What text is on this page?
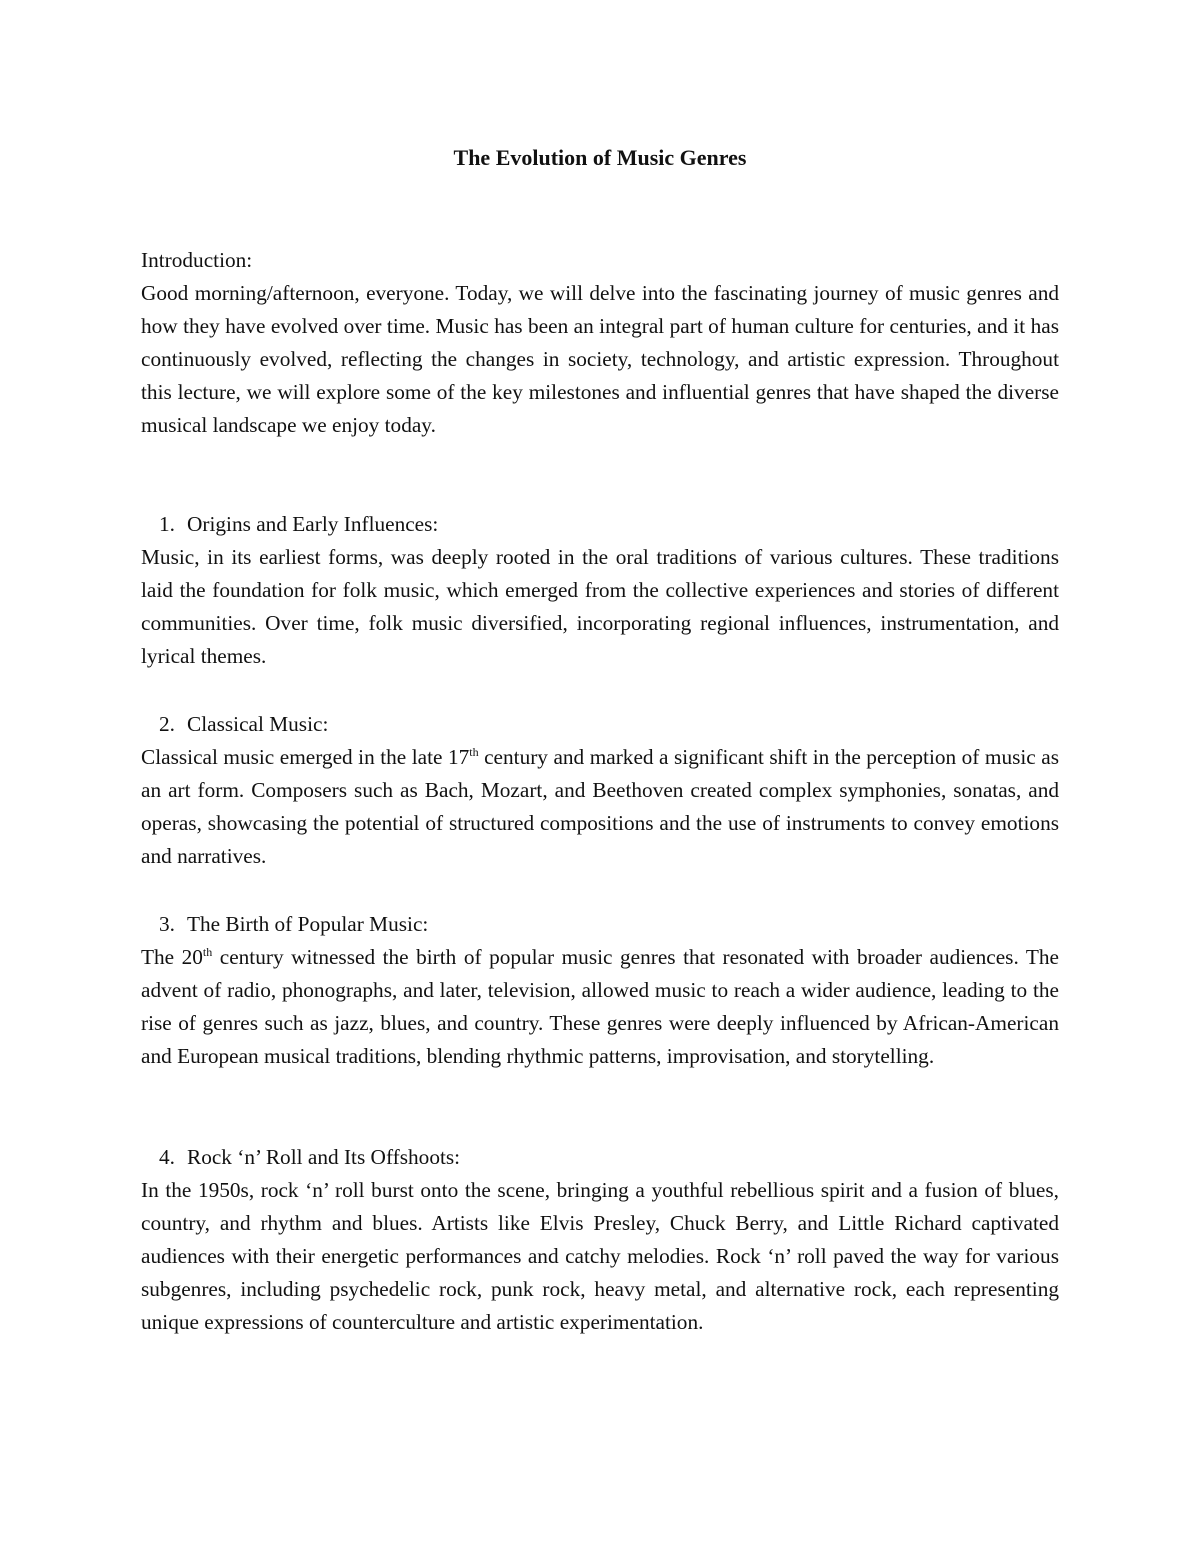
The Evolution of Music Genres
Introduction:
Good morning/afternoon, everyone. Today, we will delve into the fascinating journey of music genres and how they have evolved over time. Music has been an integral part of human culture for centuries, and it has continuously evolved, reflecting the changes in society, technology, and artistic expression. Throughout this lecture, we will explore some of the key milestones and influential genres that have shaped the diverse musical landscape we enjoy today.
1. Origins and Early Influences:
Music, in its earliest forms, was deeply rooted in the oral traditions of various cultures. These traditions laid the foundation for folk music, which emerged from the collective experiences and stories of different communities. Over time, folk music diversified, incorporating regional influences, instrumentation, and lyrical themes.
2. Classical Music:
Classical music emerged in the late 17th century and marked a significant shift in the perception of music as an art form. Composers such as Bach, Mozart, and Beethoven created complex symphonies, sonatas, and operas, showcasing the potential of structured compositions and the use of instruments to convey emotions and narratives.
3. The Birth of Popular Music:
The 20th century witnessed the birth of popular music genres that resonated with broader audiences. The advent of radio, phonographs, and later, television, allowed music to reach a wider audience, leading to the rise of genres such as jazz, blues, and country. These genres were deeply influenced by African-American and European musical traditions, blending rhythmic patterns, improvisation, and storytelling.
4. Rock ‘n’ Roll and Its Offshoots:
In the 1950s, rock ‘n’ roll burst onto the scene, bringing a youthful rebellious spirit and a fusion of blues, country, and rhythm and blues. Artists like Elvis Presley, Chuck Berry, and Little Richard captivated audiences with their energetic performances and catchy melodies. Rock ‘n’ roll paved the way for various subgenres, including psychedelic rock, punk rock, heavy metal, and alternative rock, each representing unique expressions of counterculture and artistic experimentation.
